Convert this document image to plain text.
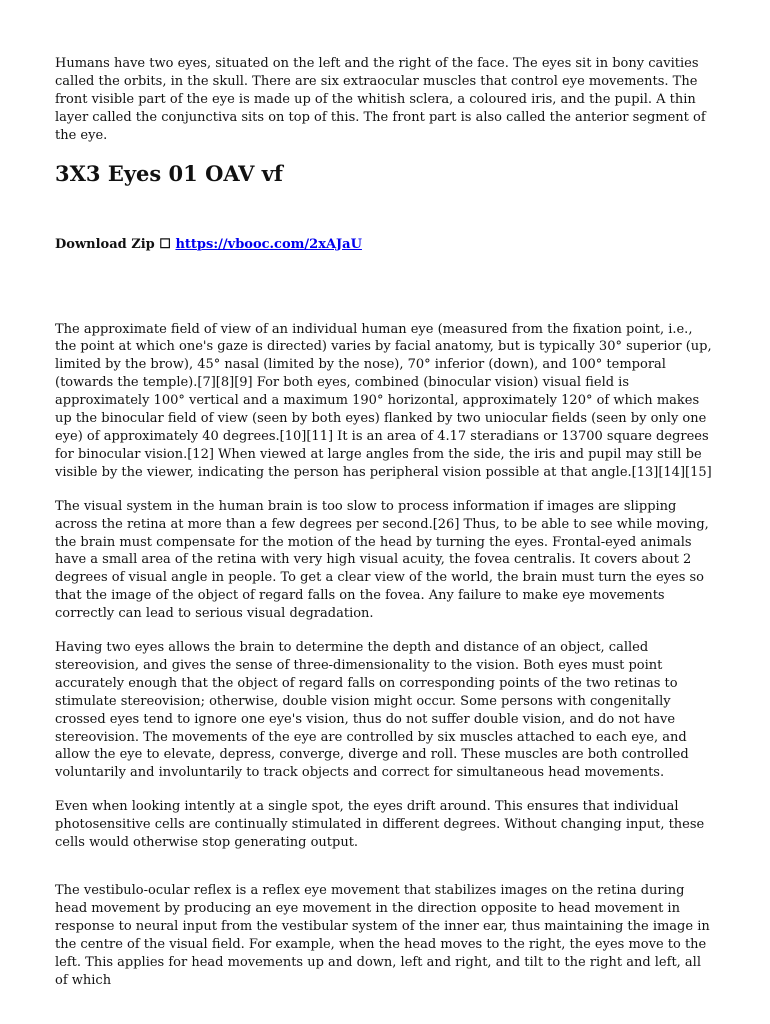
Humans have two eyes, situated on the left and the right of the face. The eyes sit in bony cavities called the orbits, in the skull. There are six extraocular muscles that control eye movements. The front visible part of the eye is made up of the whitish sclera, a coloured iris, and the pupil. A thin layer called the conjunctiva sits on top of this. The front part is also called the anterior segment of the eye.

3X3 Eyes 01 OAV vf
Download Zip ☐ https://vbooc.com/2xAJaU

The approximate field of view of an individual human eye (measured from the fixation point, i.e., the point at which one's gaze is directed) varies by facial anatomy, but is typically 30° superior (up, limited by the brow), 45° nasal (limited by the nose), 70° inferior (down), and 100° temporal (towards the temple).[7][8][9] For both eyes, combined (binocular vision) visual field is approximately 100° vertical and a maximum 190° horizontal, approximately 120° of which makes up the binocular field of view (seen by both eyes) flanked by two uniocular fields (seen by only one eye) of approximately 40 degrees.[10][11] It is an area of 4.17 steradians or 13700 square degrees for binocular vision.[12] When viewed at large angles from the side, the iris and pupil may still be visible by the viewer, indicating the person has peripheral vision possible at that angle.[13][14][15]

The visual system in the human brain is too slow to process information if images are slipping across the retina at more than a few degrees per second.[26] Thus, to be able to see while moving, the brain must compensate for the motion of the head by turning the eyes. Frontal-eyed animals have a small area of the retina with very high visual acuity, the fovea centralis. It covers about 2 degrees of visual angle in people. To get a clear view of the world, the brain must turn the eyes so that the image of the object of regard falls on the fovea. Any failure to make eye movements correctly can lead to serious visual degradation.

Having two eyes allows the brain to determine the depth and distance of an object, called stereovision, and gives the sense of three-dimensionality to the vision. Both eyes must point accurately enough that the object of regard falls on corresponding points of the two retinas to stimulate stereovision; otherwise, double vision might occur. Some persons with congenitally crossed eyes tend to ignore one eye's vision, thus do not suffer double vision, and do not have stereovision. The movements of the eye are controlled by six muscles attached to each eye, and allow the eye to elevate, depress, converge, diverge and roll. These muscles are both controlled voluntarily and involuntarily to track objects and correct for simultaneous head movements.

Even when looking intently at a single spot, the eyes drift around. This ensures that individual photosensitive cells are continually stimulated in different degrees. Without changing input, these cells would otherwise stop generating output.

The vestibulo-ocular reflex is a reflex eye movement that stabilizes images on the retina during head movement by producing an eye movement in the direction opposite to head movement in response to neural input from the vestibular system of the inner ear, thus maintaining the image in the centre of the visual field. For example, when the head moves to the right, the eyes move to the left. This applies for head movements up and down, left and right, and tilt to the right and left, all of which
